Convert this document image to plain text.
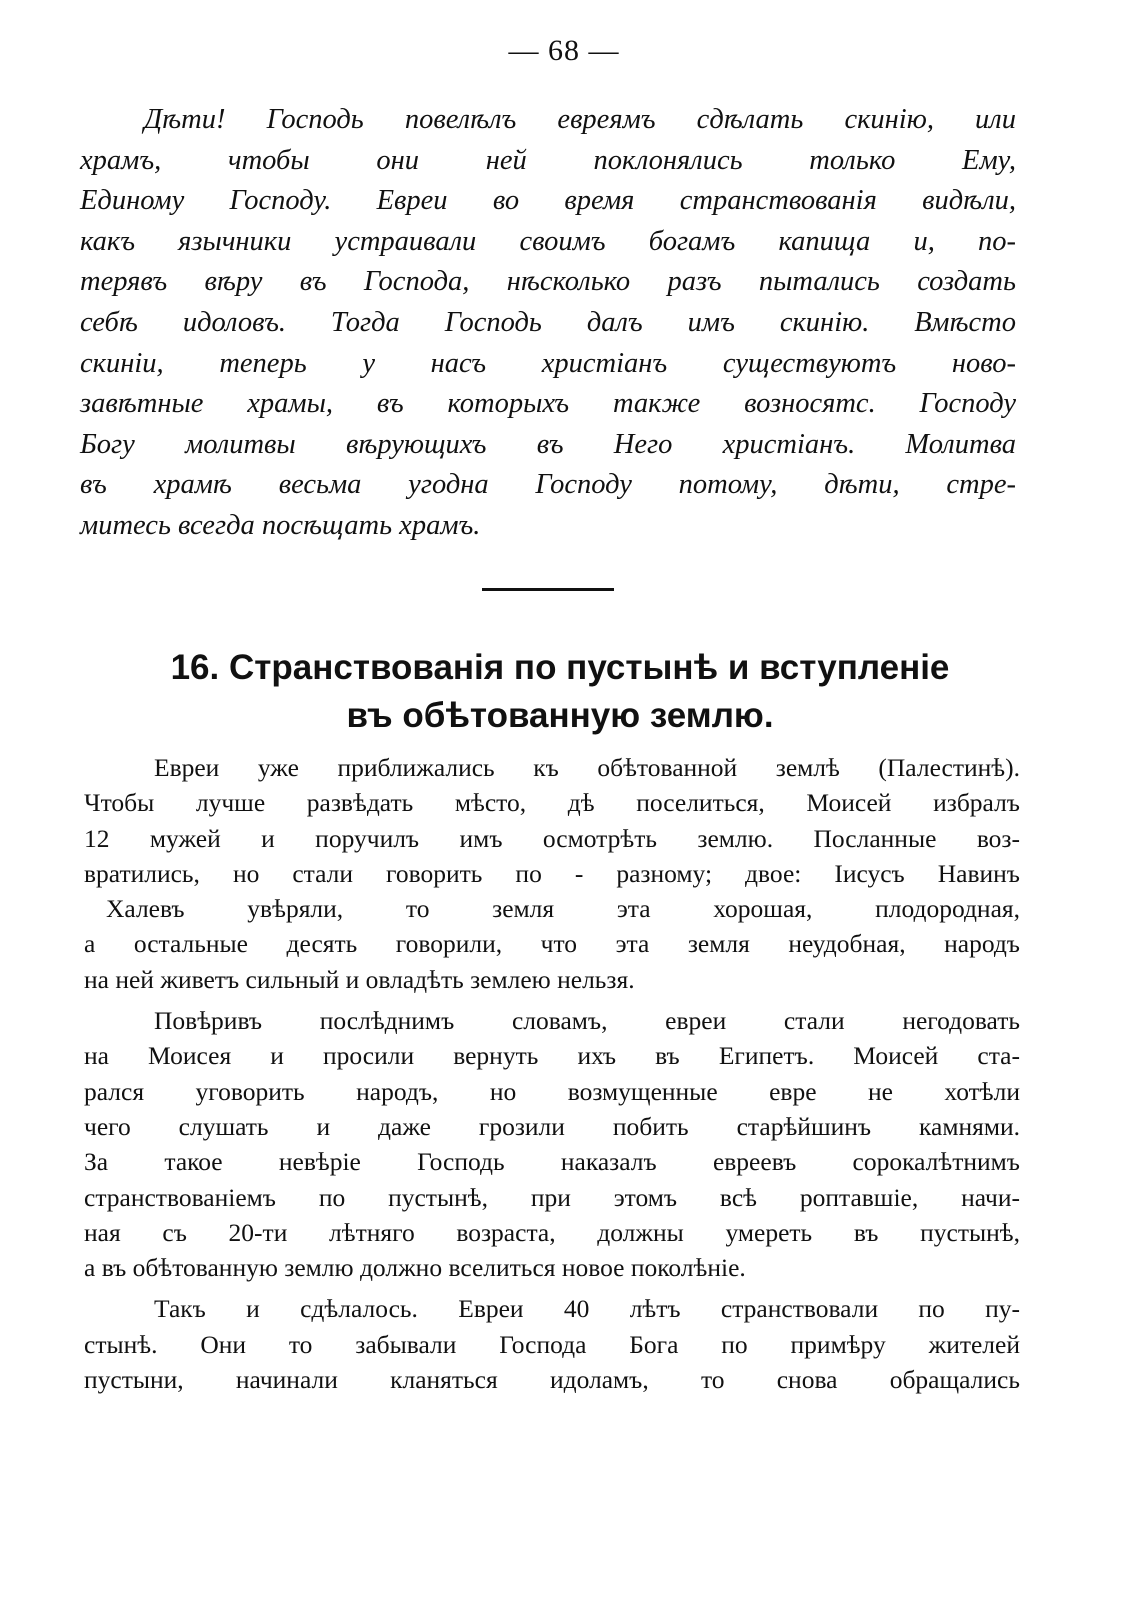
— 68 —
Дѣти! Господь повелѣлъ евреямъ сдѣлать скинію, или
храмъ, чтобы они ней поклонялись только Ему,
Единому Господу. Евреи во время странствованія видѣли,
какъ язычники устраивали своимъ богамъ капища и, по-
терявъ вѣру въ Господа, нѣсколько разъ пытались создать
себѣ идоловъ. Тогда Господь далъ имъ скинію. Вмѣсто
скиніи, теперь у насъ христіанъ существуютъ ново-
завѣтные храмы, въ которыхъ также возносятс. Господу
Богу молитвы вѣрующихъ въ Него христіанъ. Молитва
въ храмѣ весьма угодна Господу потому, дѣти, стре-
митесь всегда посѣщать храмъ.
16. Странствованія по пустынѣ и вступленіе
въ обѣтованную землю.
Евреи уже приближались къ обѣтованной землѣ (Палестинѣ).
Чтобы лучше развѣдать мѣсто, дѣ поселиться, Моисей избралъ
12 мужей и поручилъ имъ осмотрѣть землю. Посланные воз-
вратились, но стали говорить по - разному; двое: Іисусъ Навинъ
Халевъ увѣряли, то земля эта хорошая, плодородная,
а остальные десять говорили, что эта земля неудобная, народъ
на ней живетъ сильный и овладѣть землею нельзя.
Повѣривъ послѣднимъ словамъ, евреи стали негодовать
на Моисея и просили вернуть ихъ въ Египетъ. Моисей ста-
рался уговорить народъ, но возмущенные евре не хотѣли
чего слушать и даже грозили побить старѣйшинъ камнями.
За такое невѣріе Господь наказалъ евреевъ сорокалѣтнимъ
странствованіемъ по пустынѣ, при этомъ всѣ роптавшіе, начи-
ная съ 20-ти лѣтняго возраста, должны умереть въ пустынѣ,
а въ обѣтованную землю должно вселиться новое поколѣніе.
Такъ и сдѣлалось. Евреи 40 лѣтъ странствовали по пу-
стынѣ. Они то забывали Господа Бога по примѣру жителей
пустыни, начинали кланяться идоламъ, то снова обращались
